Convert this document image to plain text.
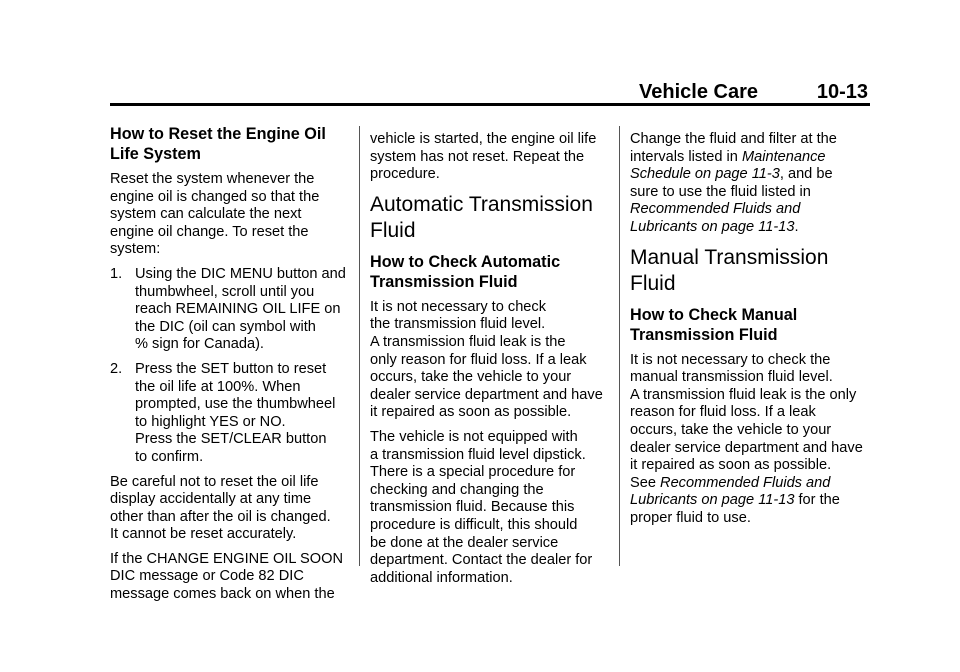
Vehicle Care	10-13
How to Reset the Engine Oil
Life System

Reset the system whenever the
engine oil is changed so that the
system can calculate the next
engine oil change. To reset the
system:

1. Using the DIC MENU button and
thumbwheel, scroll until you
reach REMAINING OIL LIFE on
the DIC (oil can symbol with
% sign for Canada).
2. Press the SET button to reset
the oil life at 100%. When
prompted, use the thumbwheel
to highlight YES or NO.
Press the SET/CLEAR button
to confirm.

Be careful not to reset the oil life
display accidentally at any time
other than after the oil is changed.
It cannot be reset accurately.

If the CHANGE ENGINE OIL SOON
DIC message or Code 82 DIC
message comes back on when the

vehicle is started, the engine oil life
system has not reset. Repeat the
procedure.

Automatic Transmission
Fluid
How to Check Automatic
Transmission Fluid

It is not necessary to check
the transmission fluid level.
A transmission fluid leak is the
only reason for fluid loss. If a leak
occurs, take the vehicle to your
dealer service department and have
it repaired as soon as possible.

The vehicle is not equipped with
a transmission fluid level dipstick.
There is a special procedure for
checking and changing the
transmission fluid. Because this
procedure is difficult, this should
be done at the dealer service
department. Contact the dealer for
additional information.

Change the fluid and filter at the
intervals listed in Maintenance
Schedule on page 11-3, and be
sure to use the fluid listed in
Recommended Fluids and
Lubricants on page 11-13.

Manual Transmission
Fluid
How to Check Manual
Transmission Fluid

It is not necessary to check the
manual transmission fluid level.
A transmission fluid leak is the only
reason for fluid loss. If a leak
occurs, take the vehicle to your
dealer service department and have
it repaired as soon as possible.
See Recommended Fluids and
Lubricants on page 11-13 for the
proper fluid to use.
